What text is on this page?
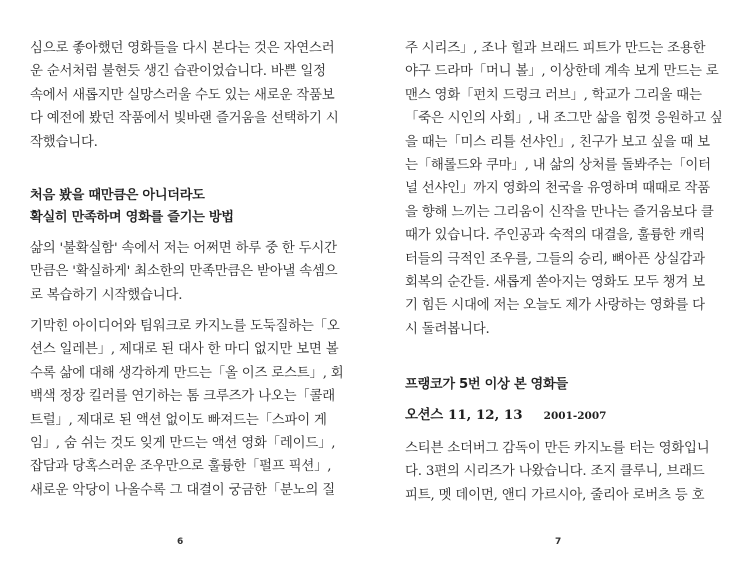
심으로 좋아했던 영화들을 다시 본다는 것은 자연스러
운 순서처럼 불현듯 생긴 습관이었습니다. 바쁜 일정
속에서 새롭지만 실망스러울 수도 있는 새로운 작품보
다 예전에 봤던 작품에서 빛바랜 즐거움을 선택하기 시
작했습니다.

처음 봤을 때만큼은 아니더라도
확실히 만족하며 영화를 즐기는 방법

삶의 '불확실함' 속에서 저는 어쩌면 하루 중 한 두시간
만큼은 '확실하게' 최소한의 만족만큼은 받아낼 속셈으
로 복습하기 시작했습니다.

기막힌 아이디어와 팀워크로 카지노를 도둑질하는「오
션스 일레븐」, 제대로 된 대사 한 마디 없지만 보면 볼
수록 삶에 대해 생각하게 만드는「올 이즈 로스트」, 회
백색 정장 킬러를 연기하는 톰 크루즈가 나오는「콜래
트럴」, 제대로 된 액션 없이도 빠져드는「스파이 게
임」, 숨 쉬는 것도 잊게 만드는 액션 영화「레이드」,
잡담과 당혹스러운 조우만으로 훌륭한「펄프 픽션」,
새로운 악당이 나올수록 그 대결이 궁금한「분노의 질

6

주 시리즈」, 조나 힐과 브래드 피트가 만드는 조용한
야구 드라마「머니 볼」, 이상한데 계속 보게 만드는 로
맨스 영화「펀치 드렁크 러브」, 학교가 그리울 때는
「죽은 시인의 사회」, 내 조그만 삶을 힘껏 응원하고 싶
을 때는「미스 리틀 선샤인」, 친구가 보고 싶을 때 보
는「해롤드와 쿠마」, 내 삶의 상처를 돌봐주는「이터
널 선샤인」까지 영화의 천국을 유영하며 때때로 작품
을 향해 느끼는 그리움이 신작을 만나는 즐거움보다 클
때가 있습니다. 주인공과 숙적의 대결을, 훌륭한 캐릭
터들의 극적인 조우를, 그들의 승리, 뼈아픈 상실감과
회복의 순간들. 새롭게 쏟아지는 영화도 모두 챙겨 보
기 힘든 시대에 저는 오늘도 제가 사랑하는 영화를 다
시 돌려봅니다.

프랭코가 5번 이상 본 영화들

오션스 11, 12, 13 2001-2007

스티븐 소더버그 감독이 만든 카지노를 터는 영화입니
다. 3편의 시리즈가 나왔습니다. 조지 클루니, 브래드
피트, 멧 데이먼, 앤디 가르시아, 줄리아 로버츠 등 호

7
